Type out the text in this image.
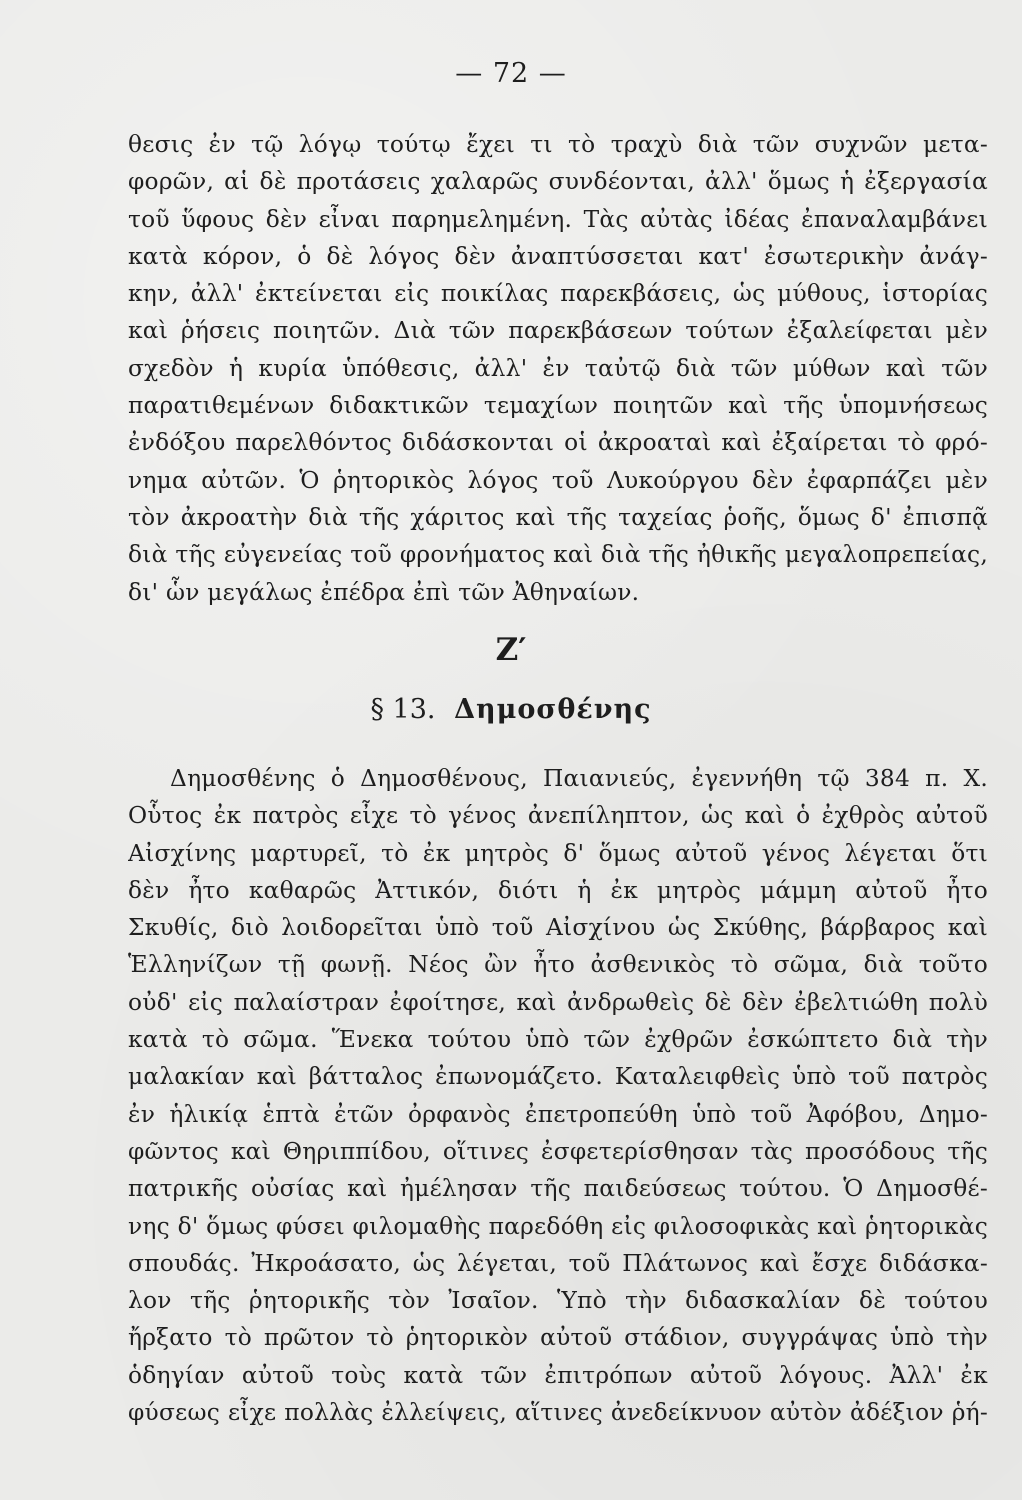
— 72 —
θεσις ἐν τῷ λόγῳ τούτῳ ἔχει τι τὸ τραχὺ διὰ τῶν συχνῶν μετα-
φορῶν, αἱ δὲ προτάσεις χαλαρῶς συνδέονται, ἀλλ' ὅμως ἡ ἐξεργασία
τοῦ ὕφους δὲν εἶναι παρημελημένη. Τὰς αὐτὰς ἰδέας ἐπαναλαμβάνει
κατὰ κόρον, ὁ δὲ λόγος δὲν ἀναπτύσσεται κατ' ἐσωτερικὴν ἀνάγ-
κην, ἀλλ' ἐκτείνεται εἰς ποικίλας παρεκβάσεις, ὡς μύθους, ἱστορίας
καὶ ῥήσεις ποιητῶν. Διὰ τῶν παρεκβάσεων τούτων ἐξαλείφεται μὲν
σχεδὸν ἡ κυρία ὑπόθεσις, ἀλλ' ἐν ταὐτῷ διὰ τῶν μύθων καὶ τῶν
παρατιθεμένων διδακτικῶν τεμαχίων ποιητῶν καὶ τῆς ὑπομνήσεως
ἐνδόξου παρελθόντος διδάσκονται οἱ ἀκροαταὶ καὶ ἐξαίρεται τὸ φρό-
νημα αὐτῶν. Ὁ ῥητορικὸς λόγος τοῦ Λυκούργου δὲν ἐφαρπάζει μὲν
τὸν ἀκροατὴν διὰ τῆς χάριτος καὶ τῆς ταχείας ῥοῆς, ὅμως δ' ἐπισπᾷ
διὰ τῆς εὐγενείας τοῦ φρονήματος καὶ διὰ τῆς ἠθικῆς μεγαλοπρεπείας,
δι' ὧν μεγάλως ἐπέδρα ἐπὶ τῶν Ἀθηναίων.
Ζ′
§ 13. Δημοσθένης
Δημοσθένης ὁ Δημοσθένους, Παιανιεύς, ἐγεννήθη τῷ 384 π. Χ.
Οὗτος ἐκ πατρὸς εἶχε τὸ γένος ἀνεπίληπτον, ὡς καὶ ὁ ἐχθρὸς αὐτοῦ
Αἰσχίνης μαρτυρεῖ, τὸ ἐκ μητρὸς δ' ὅμως αὐτοῦ γένος λέγεται ὅτι
δὲν ἦτο καθαρῶς Ἀττικόν, διότι ἡ ἐκ μητρὸς μάμμη αὐτοῦ ἦτο
Σκυθίς, διὸ λοιδορεῖται ὑπὸ τοῦ Αἰσχίνου ὡς Σκύθης, βάρβαρος καὶ
Ἑλληνίζων τῇ φωνῇ. Νέος ὢν ἦτο ἀσθενικὸς τὸ σῶμα, διὰ τοῦτο
οὐδ' εἰς παλαίστραν ἐφοίτησε, καὶ ἀνδρωθεὶς δὲ δὲν ἐβελτιώθη πολὺ
κατὰ τὸ σῶμα. Ἕνεκα τούτου ὑπὸ τῶν ἐχθρῶν ἐσκώπτετο διὰ τὴν
μαλακίαν καὶ βάτταλος ἐπωνομάζετο. Καταλειφθεὶς ὑπὸ τοῦ πατρὸς
ἐν ἡλικίᾳ ἑπτὰ ἐτῶν ὀρφανὸς ἐπετροπεύθη ὑπὸ τοῦ Ἀφόβου, Δημο-
φῶντος καὶ Θηριππίδου, οἵτινες ἐσφετερίσθησαν τὰς προσόδους τῆς
πατρικῆς οὐσίας καὶ ἠμέλησαν τῆς παιδεύσεως τούτου. Ὁ Δημοσθέ-
νης δ' ὅμως φύσει φιλομαθὴς παρεδόθη εἰς φιλοσοφικὰς καὶ ῥητορικὰς
σπουδάς. Ἠκροάσατο, ὡς λέγεται, τοῦ Πλάτωνος καὶ ἔσχε διδάσκα-
λον τῆς ῥητορικῆς τὸν Ἰσαῖον. Ὑπὸ τὴν διδασκαλίαν δὲ τούτου
ἤρξατο τὸ πρῶτον τὸ ῥητορικὸν αὐτοῦ στάδιον, συγγράψας ὑπὸ τὴν
ὁδηγίαν αὐτοῦ τοὺς κατὰ τῶν ἐπιτρόπων αὐτοῦ λόγους. Ἀλλ' ἐκ
φύσεως εἶχε πολλὰς ἐλλείψεις, αἵτινες ἀνεδείκνυον αὐτὸν ἀδέξιον ῥή-
